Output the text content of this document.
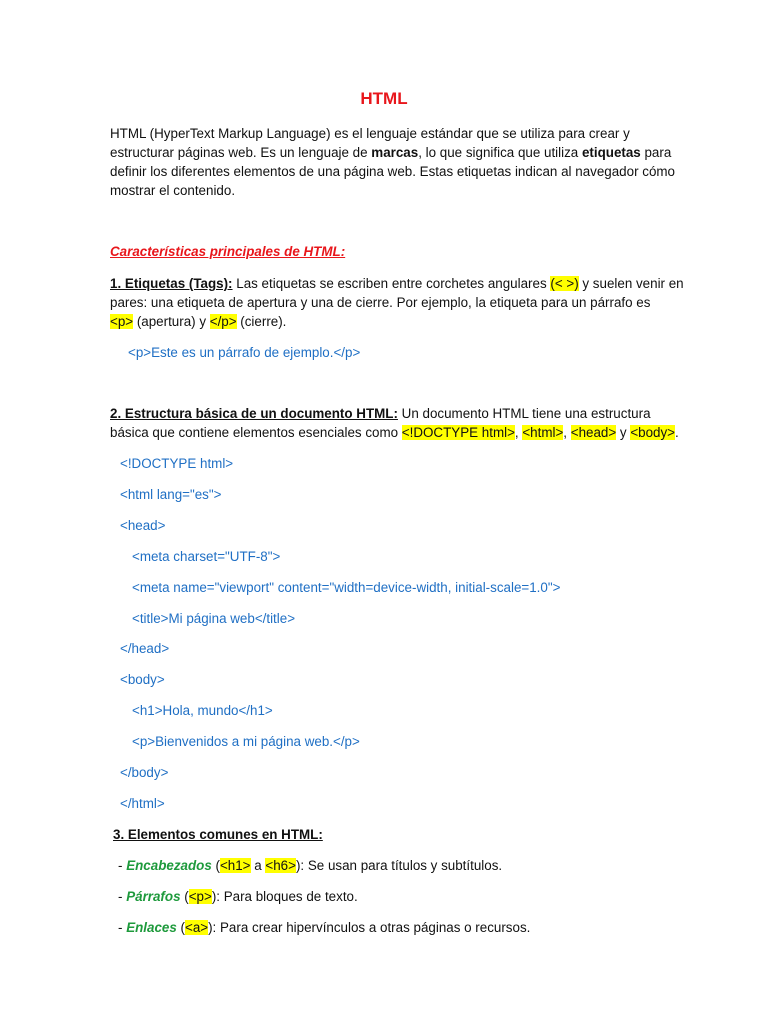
HTML
HTML (HyperText Markup Language) es el lenguaje estándar que se utiliza para crear y
estructurar páginas web. Es un lenguaje de marcas, lo que significa que utiliza etiquetas para
definir los diferentes elementos de una página web. Estas etiquetas indican al navegador cómo
mostrar el contenido.
Características principales de HTML:
1. Etiquetas (Tags): Las etiquetas se escriben entre corchetes angulares (< >) y suelen venir en
pares: una etiqueta de apertura y una de cierre. Por ejemplo, la etiqueta para un párrafo es
<p> (apertura) y </p> (cierre).
<p>Este es un párrafo de ejemplo.</p>
2. Estructura básica de un documento HTML: Un documento HTML tiene una estructura
básica que contiene elementos esenciales como <!DOCTYPE html>, <html>, <head> y <body>.
<!DOCTYPE html>
<html lang="es">
<head>
<meta charset="UTF-8">
<meta name="viewport" content="width=device-width, initial-scale=1.0">
<title>Mi página web</title>
</head>
<body>
<h1>Hola, mundo</h1>
<p>Bienvenidos a mi página web.</p>
</body>
</html>
3. Elementos comunes en HTML:
- Encabezados (<h1> a <h6>): Se usan para títulos y subtítulos.
- Párrafos (<p>): Para bloques de texto.
- Enlaces (<a>): Para crear hipervínculos a otras páginas o recursos.
